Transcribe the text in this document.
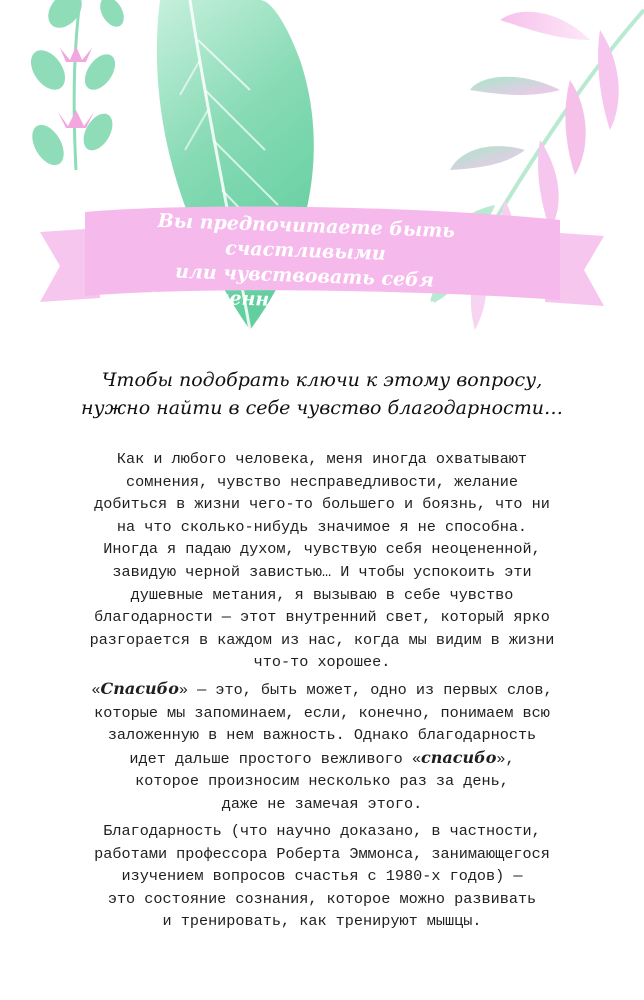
Вы предпочитаете быть счастливыми
или чувствовать себя
совершенно счастливыми?
Чтобы подобрать ключи к этому вопросу,
нужно найти в себе чувство благодарности…

Как и любого человека, меня иногда охватывают
сомнения, чувство несправедливости, желание
добиться в жизни чего-то большего и боязнь, что ни
на что сколько-нибудь значимое я не способна.
Иногда я падаю духом, чувствую себя неоцененной,
завидую черной завистью… И чтобы успокоить эти
душевные метания, я вызываю в себе чувство
благодарности — этот внутренний свет, который ярко
разгорается в каждом из нас, когда мы видим в жизни
что-то хорошее.

«Спасибо» — это, быть может, одно из первых слов,
которые мы запоминаем, если, конечно, понимаем всю
заложенную в нем важность. Однако благодарность
идет дальше простого вежливого «спасибо»,
которое произносим несколько раз за день,
даже не замечая этого.

Благодарность (что научно доказано, в частности,
работами профессора Роберта Эммонса, занимающегося
изучением вопросов счастья с 1980-х годов) —
это состояние сознания, которое можно развивать
и тренировать, как тренируют мышцы.
